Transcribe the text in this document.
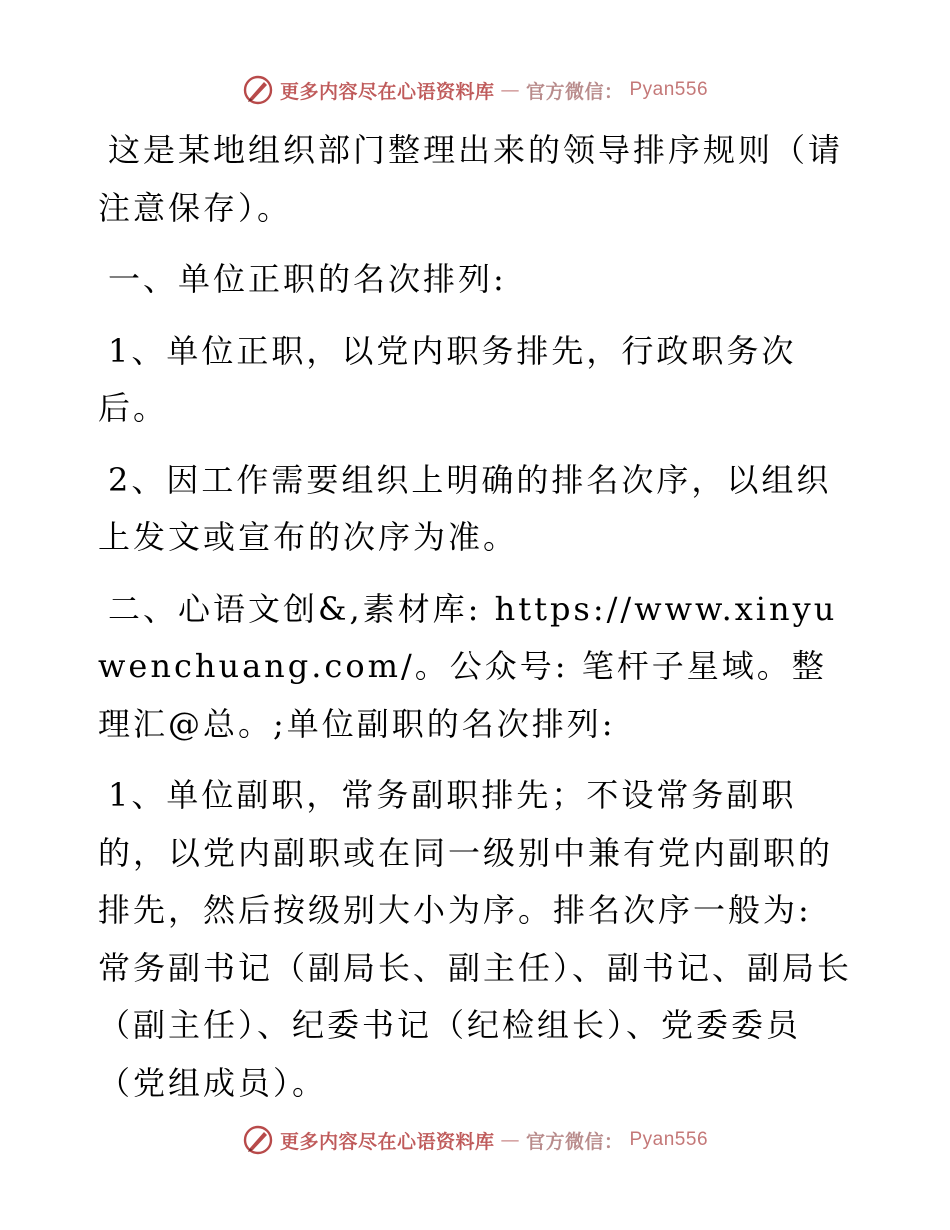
更多内容尽在心语资料库 — 官方微信： Pyan556

这是某地组织部门整理出来的领导排序规则（请注意保存）。

一、单位正职的名次排列:

1、单位正职，以党内职务排先，行政职务次后。

2、因工作需要组织上明确的排名次序，以组织上发文或宣布的次序为准。

二、心语文创&,素材库: https://www.xinyuwenchuang.com/。公众号: 笔杆子星域。整理汇@总。;单位副职的名次排列:

1、单位副职，常务副职排先；不设常务副职的，以党内副职或在同一级别中兼有党内副职的排先，然后按级别大小为序。排名次序一般为: 常务副书记（副局长、副主任）、副书记、副局长（副主任）、纪委书记（纪检组长）、党委委员（党组成员）。

更多内容尽在心语资料库 — 官方微信： Pyan556
